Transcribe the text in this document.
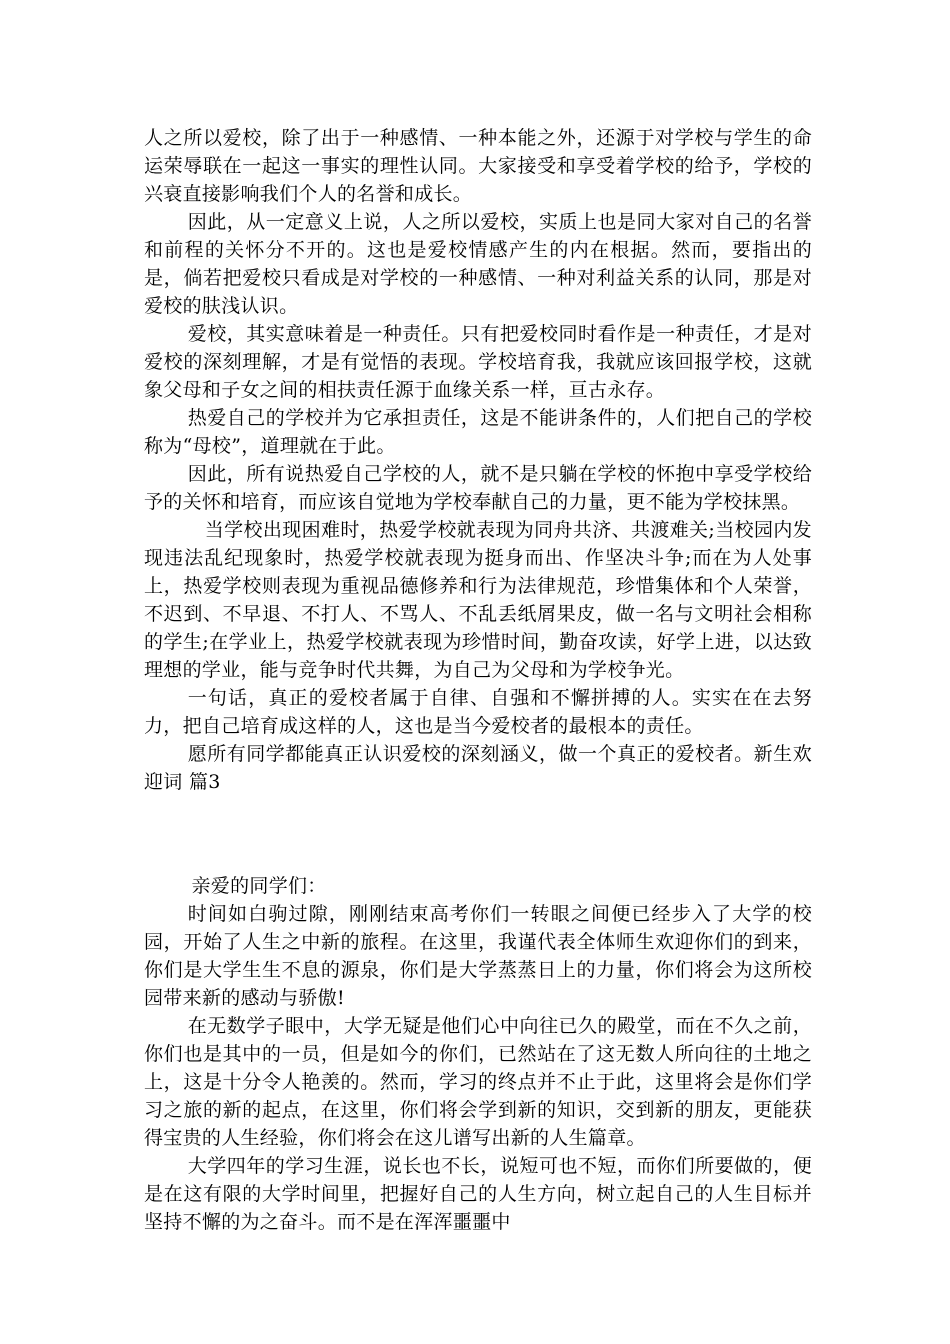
人之所以爱校，除了出于一种感情、一种本能之外，还源于对学校与学生的命运荣辱联在一起这一事实的理性认同。大家接受和享受着学校的给予，学校的兴衰直接影响我们个人的名誉和成长。

因此，从一定意义上说，人之所以爱校，实质上也是同大家对自己的名誉和前程的关怀分不开的。这也是爱校情感产生的内在根据。然而，要指出的是，倘若把爱校只看成是对学校的一种感情、一种对利益关系的认同，那是对爱校的肤浅认识。

爱校，其实意味着是一种责任。只有把爱校同时看作是一种责任，才是对爱校的深刻理解，才是有觉悟的表现。学校培育我，我就应该回报学校，这就象父母和子女之间的相扶责任源于血缘关系一样，亘古永存。

热爱自己的学校并为它承担责任，这是不能讲条件的，人们把自己的学校称为“母校”，道理就在于此。

因此，所有说热爱自己学校的人，就不是只躺在学校的怀抱中享受学校给予的关怀和培育，而应该自觉地为学校奉献自己的力量，更不能为学校抹黑。

当学校出现困难时，热爱学校就表现为同舟共济、共渡难关;当校园内发现违法乱纪现象时，热爱学校就表现为挺身而出、作坚决斗争;而在为人处事上，热爱学校则表现为重视品德修养和行为法律规范，珍惜集体和个人荣誉，不迟到、不早退、不打人、不骂人、不乱丢纸屑果皮，做一名与文明社会相称的学生;在学业上，热爱学校就表现为珍惜时间，勤奋攻读，好学上进，以达致理想的学业，能与竞争时代共舞，为自己为父母和为学校争光。

一句话，真正的爱校者属于自律、自强和不懈拼搏的人。实实在在去努力，把自己培育成这样的人，这也是当今爱校者的最根本的责任。

愿所有同学都能真正认识爱校的深刻涵义，做一个真正的爱校者。新生欢迎词 篇3

亲爱的同学们：

时间如白驹过隙，刚刚结束高考你们一转眼之间便已经步入了大学的校园，开始了人生之中新的旅程。在这里，我谨代表全体师生欢迎你们的到来，你们是大学生生不息的源泉，你们是大学蒸蒸日上的力量，你们将会为这所校园带来新的感动与骄傲!

在无数学子眼中，大学无疑是他们心中向往已久的殿堂，而在不久之前，你们也是其中的一员，但是如今的你们，已然站在了这无数人所向往的土地之上，这是十分令人艳羡的。然而，学习的终点并不止于此，这里将会是你们学习之旅的新的起点，在这里，你们将会学到新的知识，交到新的朋友，更能获得宝贵的人生经验，你们将会在这儿谱写出新的人生篇章。

大学四年的学习生涯，说长也不长，说短可也不短，而你们所要做的，便是在这有限的大学时间里，把握好自己的人生方向，树立起自己的人生目标并坚持不懈的为之奋斗。而不是在浑浑噩噩中
